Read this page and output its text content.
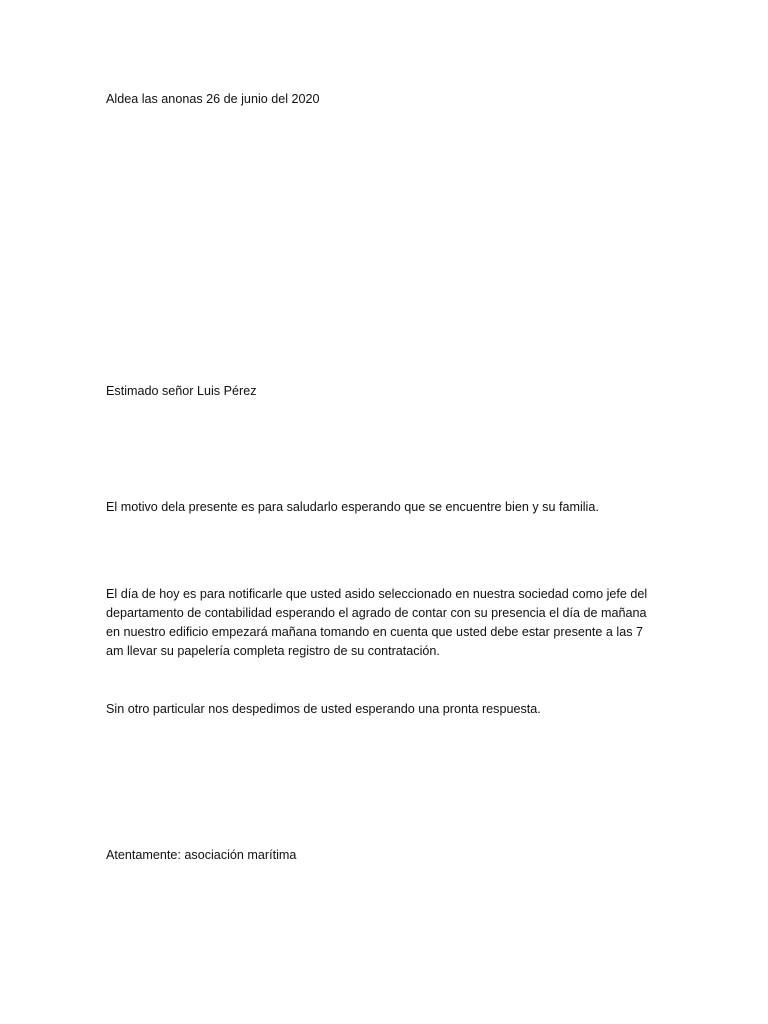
Aldea las anonas 26 de junio del 2020
Estimado señor Luis Pérez
El motivo dela presente es para saludarlo esperando que se encuentre bien y su familia.
El día de hoy es para notificarle que usted asido seleccionado en nuestra sociedad como jefe del
departamento de contabilidad esperando el agrado de contar con su presencia el día de mañana
en nuestro edificio empezará mañana tomando en cuenta que usted debe estar presente a las 7
am llevar su papelería completa registro de su contratación.
Sin otro particular nos despedimos de usted esperando una pronta respuesta.
Atentamente: asociación marítima
